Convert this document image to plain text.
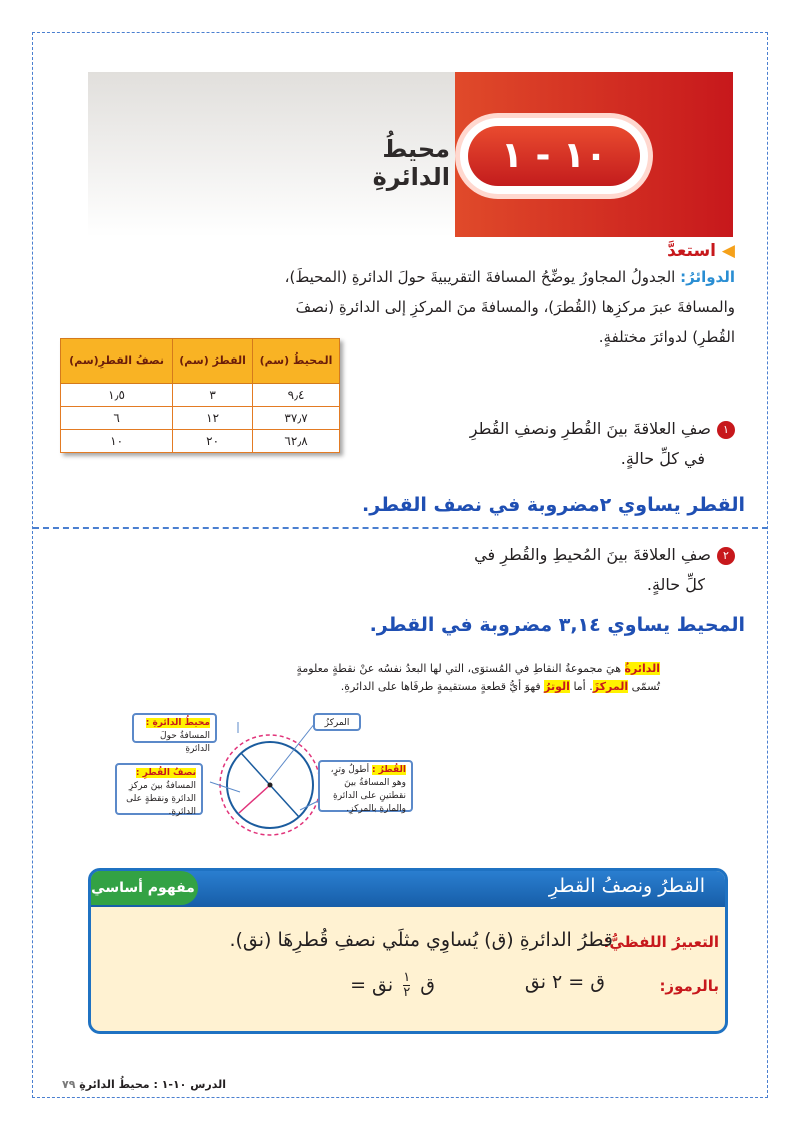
١٠ - ١
محيطُ الدائرةِ
◀ استعدَّ
الدوائرُ: الجدولُ المجاورُ يوضِّحُ المسافةَ التقريبيةَ حولَ الدائرةِ (المحيطَ)، والمسافةَ عبرَ مركزِها (القُطرَ)، والمسافةَ منَ المركزِ إلى الدائرةِ (نصفَ القُطرِ) لدوائرَ مختلفةٍ.
المحيطُ (سم)	القطرُ (سم)	نصفُ القطرِ(سم)
٩٫٤	٣	١٫٥
٣٧٫٧	١٢	٦
٦٢٫٨	٢٠	١٠
١صفِ العلاقةَ بينَ القُطرِ ونصفِ القُطرِ
في كلِّ حالةٍ.
القطر يساوي ٢مضروبة في نصف القطر.
٢صفِ العلاقةَ بينَ المُحيطِ والقُطرِ في
كلِّ حالةٍ.
المحيط يساوي ٣,١٤ مضروبة في القطر.
الدائرةُ هيَ مجموعةُ النقاطِ في المُستوَى، التي لها البعدُ نفسُه عنْ نقطةٍ معلومةٍ
تُسمّى المركزَ. أما الوترُ فهوَ أيُّ قطعةٍ مستقيمةٍ طرفَاها على الدائرةِ.
محيطُ الدائرةِ :
المسافةُ حولَ الدائرةِ
المركزُ
نصفُ القُطرِ : المسافةُ بينَ مركزِ الدائرةِ ونقطةٍ على الدائرةِ.
القُطرُ : أطولُ وترٍ، وهو المسافةُ بينَ نقطتينِ على الدائرةِ والمارةِ بالمركزِ.
القطرُ ونصفُ القطرِ
مفهوم أساسي
التعبيرُ اللفظيُّ:
قطرُ الدائرةِ (ق) يُساوِي مثلَي نصفِ قُطرِهَا (نق).
بالرموز:
ق = ٢ نق
ق
١
٢
نق =
الدرس ١٠-١ : محيطُ الدائرةِ ٧٩
